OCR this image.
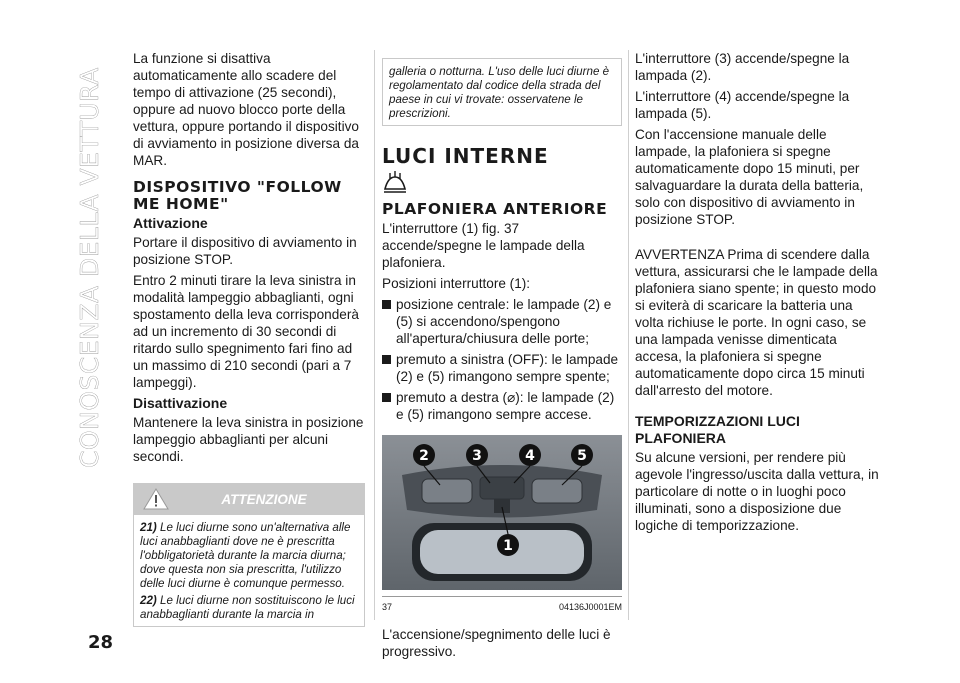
CONOSCENZA DELLA VETTURA
28

La funzione si disattiva automaticamente allo scadere del tempo di attivazione (25 secondi), oppure ad nuovo blocco porte della vettura, oppure portando il dispositivo di avviamento in posizione diversa da MAR.

DISPOSITIVO "FOLLOW ME HOME"
Attivazione

Portare il dispositivo di avviamento in posizione STOP.

Entro 2 minuti tirare la leva sinistra in modalità lampeggio abbaglianti, ogni spostamento della leva corrisponderà ad un incremento di 30 secondi di ritardo sullo spegnimento fari fino ad un massimo di 210 secondi (pari a 7 lampeggi).

Disattivazione

Mantenere la leva sinistra in posizione lampeggio abbaglianti per alcuni secondi.

ATTENZIONE

21) Le luci diurne sono un'alternativa alle luci anabbaglianti dove ne è prescritta l'obbligatorietà durante la marcia diurna; dove questa non sia prescritta, l'utilizzo delle luci diurne è comunque permesso.

22) Le luci diurne non sostituiscono le luci anabbaglianti durante la marcia in

galleria o notturna. L'uso delle luci diurne è regolamentato dal codice della strada del paese in cui vi trovate: osservatene le prescrizioni.
LUCI INTERNE
PLAFONIERA ANTERIORE

L'interruttore (1) fig. 37 accende/spegne le lampade della plafoniera.

Posizioni interruttore (1):

posizione centrale: le lampade (2) e (5) si accendono/spengono all'apertura/chiusura delle porte;

premuto a sinistra (OFF): le lampade (2) e (5) rimangono sempre spente;

premuto a destra (⌀): le lampade (2) e (5) rimangono sempre accese.

2	3	4	5
1
37	04136J0001EM

L'accensione/spegnimento delle luci è progressivo.

L'interruttore (3) accende/spegne la lampada (2).

L'interruttore (4) accende/spegne la lampada (5).

Con l'accensione manuale delle lampade, la plafoniera si spegne automaticamente dopo 15 minuti, per salvaguardare la durata della batteria, solo con dispositivo di avviamento in posizione STOP.

AVVERTENZA Prima di scendere dalla vettura, assicurarsi che le lampade della plafoniera siano spente; in questo modo si eviterà di scaricare la batteria una volta richiuse le porte. In ogni caso, se una lampada venisse dimenticata accesa, la plafoniera si spegne automaticamente dopo circa 15 minuti dall'arresto del motore.

TEMPORIZZAZIONI LUCI PLAFONIERA

Su alcune versioni, per rendere più agevole l'ingresso/uscita dalla vettura, in particolare di notte o in luoghi poco illuminati, sono a disposizione due logiche di temporizzazione.
